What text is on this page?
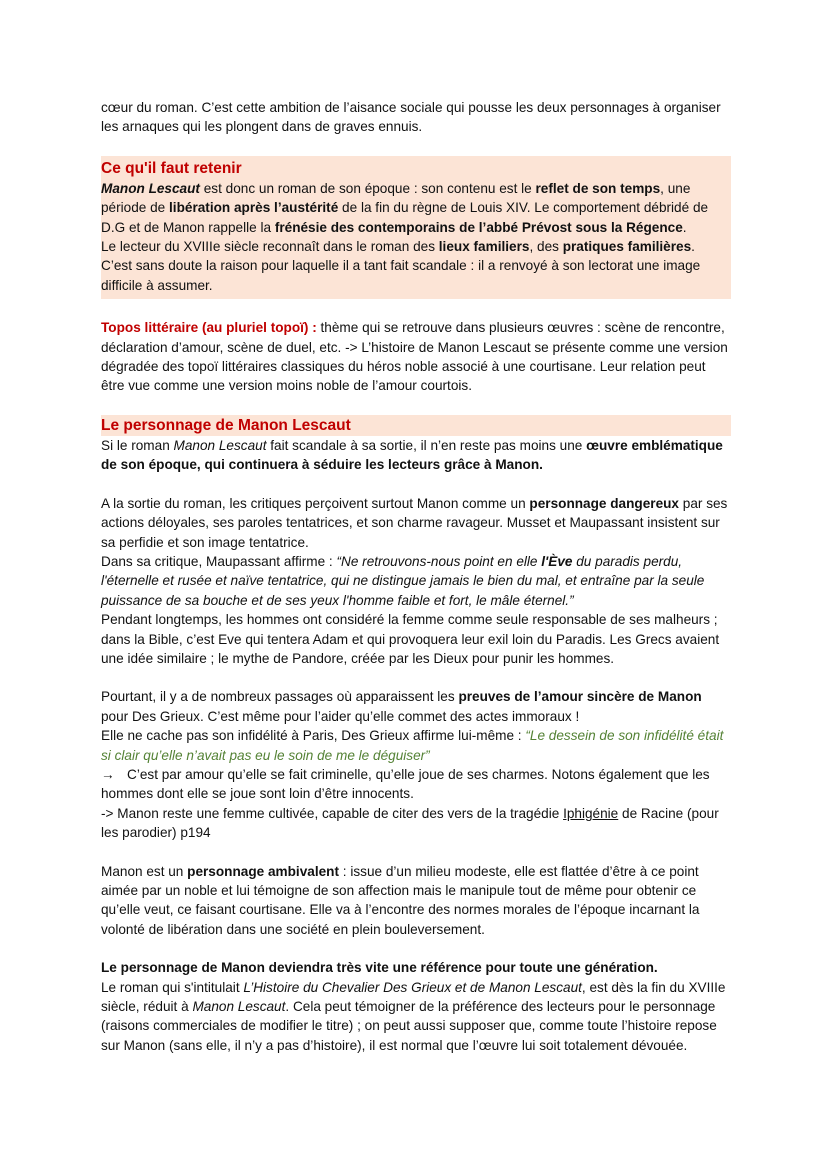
cœur du roman. C’est cette ambition de l’aisance sociale qui pousse les deux personnages à organiser les arnaques qui les plongent dans de graves ennuis.

Ce qu'il faut retenir

Manon Lescaut est donc un roman de son époque : son contenu est le reflet de son temps, une période de libération après l’austérité de la fin du règne de Louis XIV. Le comportement débridé de D.G et de Manon rappelle la frénésie des contemporains de l’abbé Prévost sous la Régence.

Le lecteur du XVIIIe siècle reconnaît dans le roman des lieux familiers, des pratiques familières.

C’est sans doute la raison pour laquelle il a tant fait scandale : il a renvoyé à son lectorat une image difficile à assumer.

Topos littéraire (au pluriel topoï) : thème qui se retrouve dans plusieurs œuvres : scène de rencontre, déclaration d’amour, scène de duel, etc. -> L’histoire de Manon Lescaut se présente comme une version dégradée des topoï littéraires classiques du héros noble associé à une courtisane. Leur relation peut être vue comme une version moins noble de l’amour courtois.

Le personnage de Manon Lescaut

Si le roman Manon Lescaut fait scandale à sa sortie, il n’en reste pas moins une œuvre emblématique de son époque, qui continuera à séduire les lecteurs grâce à Manon.

A la sortie du roman, les critiques perçoivent surtout Manon comme un personnage dangereux par ses actions déloyales, ses paroles tentatrices, et son charme ravageur. Musset et Maupassant insistent sur sa perfidie et son image tentatrice.

Dans sa critique, Maupassant affirme : “Ne retrouvons-nous point en elle l'Ève du paradis perdu, l'éternelle et rusée et naïve tentatrice, qui ne distingue jamais le bien du mal, et entraîne par la seule puissance de sa bouche et de ses yeux l'homme faible et fort, le mâle éternel.”

Pendant longtemps, les hommes ont considéré la femme comme seule responsable de ses malheurs ; dans la Bible, c’est Eve qui tentera Adam et qui provoquera leur exil loin du Paradis. Les Grecs avaient une idée similaire ; le mythe de Pandore, créée par les Dieux pour punir les hommes.

Pourtant, il y a de nombreux passages où apparaissent les preuves de l’amour sincère de Manon pour Des Grieux. C’est même pour l’aider qu’elle commet des actes immoraux !

Elle ne cache pas son infidélité à Paris, Des Grieux affirme lui-même : “Le dessein de son infidélité était si clair qu’elle n’avait pas eu le soin de me le déguiser”

→ C’est par amour qu’elle se fait criminelle, qu’elle joue de ses charmes. Notons également que les hommes dont elle se joue sont loin d’être innocents.

-> Manon reste une femme cultivée, capable de citer des vers de la tragédie Iphigénie de Racine (pour les parodier) p194

Manon est un personnage ambivalent : issue d’un milieu modeste, elle est flattée d’être à ce point aimée par un noble et lui témoigne de son affection mais le manipule tout de même pour obtenir ce qu’elle veut, ce faisant courtisane. Elle va à l’encontre des normes morales de l’époque incarnant la volonté de libération dans une société en plein bouleversement.

Le personnage de Manon deviendra très vite une référence pour toute une génération.

Le roman qui s'intitulait L’Histoire du Chevalier Des Grieux et de Manon Lescaut, est dès la fin du XVIIIe siècle, réduit à Manon Lescaut. Cela peut témoigner de la préférence des lecteurs pour le personnage (raisons commerciales de modifier le titre) ; on peut aussi supposer que, comme toute l’histoire repose sur Manon (sans elle, il n’y a pas d’histoire), il est normal que l’œuvre lui soit totalement dévouée.
